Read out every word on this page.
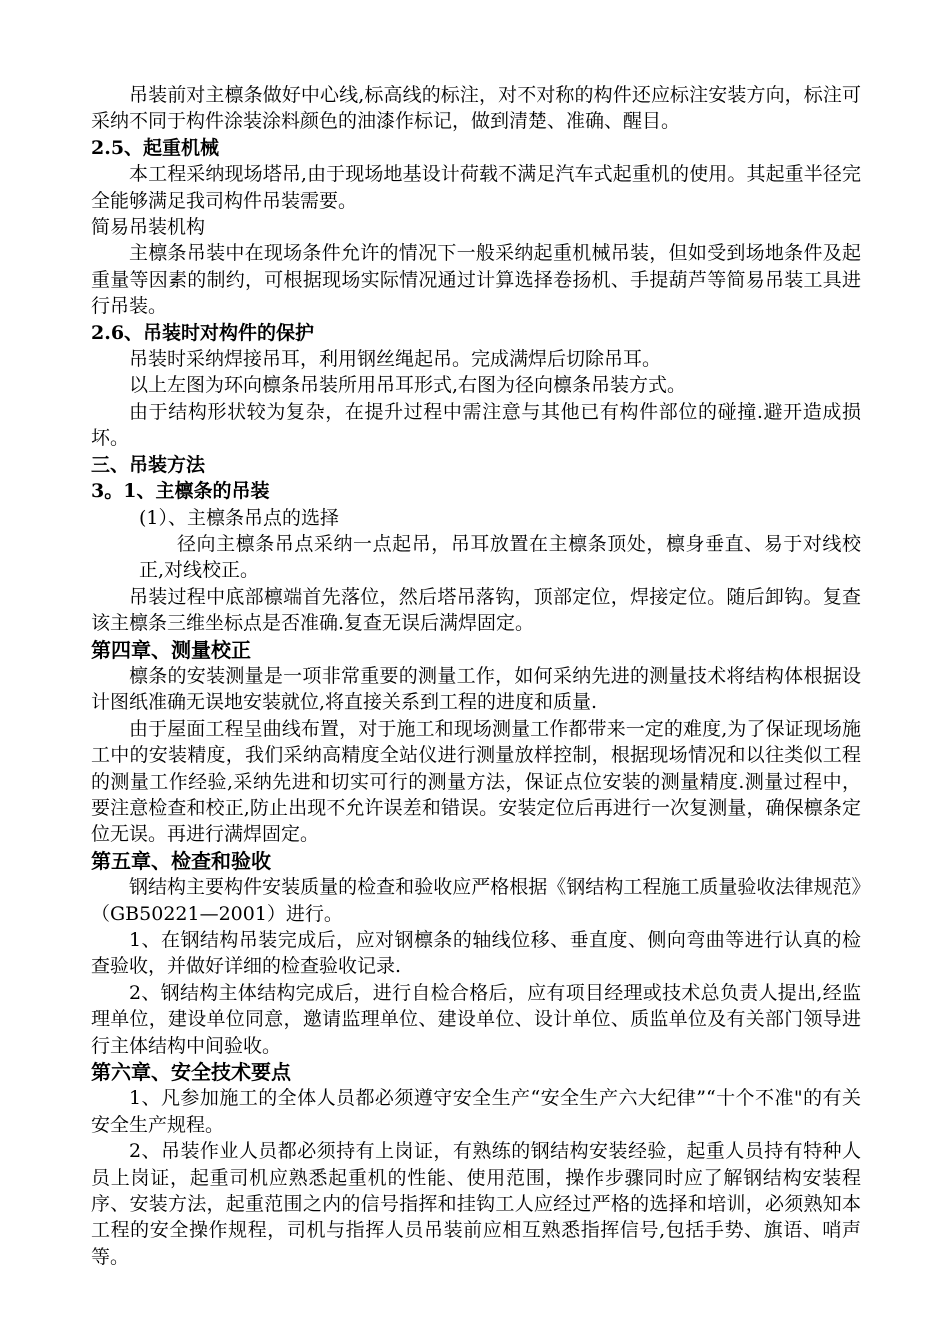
吊装前对主檩条做好中心线,标高线的标注，对不对称的构件还应标注安装方向，标注可采纳不同于构件涂装涂料颜色的油漆作标记，做到清楚、准确、醒目。

2.5、起重机械

本工程采纳现场塔吊,由于现场地基设计荷载不满足汽车式起重机的使用。其起重半径完全能够满足我司构件吊装需要。

简易吊装机构

主檩条吊装中在现场条件允许的情况下一般采纳起重机械吊装，但如受到场地条件及起重量等因素的制约，可根据现场实际情况通过计算选择卷扬机、手提葫芦等简易吊装工具进行吊装。

2.6、吊装时对构件的保护

吊装时采纳焊接吊耳，利用钢丝绳起吊。完成满焊后切除吊耳。

以上左图为环向檩条吊装所用吊耳形式,右图为径向檩条吊装方式。

由于结构形状较为复杂，在提升过程中需注意与其他已有构件部位的碰撞.避开造成损坏。

三、吊装方法

3。1、主檩条的吊装

(1）、主檩条吊点的选择

径向主檩条吊点采纳一点起吊，吊耳放置在主檩条顶处，檩身垂直、易于对线校正,对线校正。

吊装过程中底部檩端首先落位，然后塔吊落钩，顶部定位，焊接定位。随后卸钩。复查该主檩条三维坐标点是否准确.复查无误后满焊固定。

第四章、测量校正

檩条的安装测量是一项非常重要的测量工作，如何采纳先进的测量技术将结构体根据设计图纸准确无误地安装就位,将直接关系到工程的进度和质量.

由于屋面工程呈曲线布置，对于施工和现场测量工作都带来一定的难度,为了保证现场施工中的安装精度，我们采纳高精度全站仪进行测量放样控制，根据现场情况和以往类似工程的测量工作经验,采纳先进和切实可行的测量方法，保证点位安装的测量精度.测量过程中，要注意检查和校正,防止出现不允许误差和错误。安装定位后再进行一次复测量，确保檩条定位无误。再进行满焊固定。

第五章、检查和验收

钢结构主要构件安装质量的检查和验收应严格根据《钢结构工程施工质量验收法律规范》（GB50221—2001）进行。

1、在钢结构吊装完成后，应对钢檩条的轴线位移、垂直度、侧向弯曲等进行认真的检查验收，并做好详细的检查验收记录.

2、钢结构主体结构完成后，进行自检合格后，应有项目经理或技术总负责人提出,经监理单位，建设单位同意，邀请监理单位、建设单位、设计单位、质监单位及有关部门领导进行主体结构中间验收。

第六章、安全技术要点

1、凡参加施工的全体人员都必须遵守安全生产“安全生产六大纪律”“十个不准"的有关安全生产规程。

2、吊装作业人员都必须持有上岗证，有熟练的钢结构安装经验，起重人员持有特种人员上岗证，起重司机应熟悉起重机的性能、使用范围，操作步骤同时应了解钢结构安装程序、安装方法，起重范围之内的信号指挥和挂钩工人应经过严格的选择和培训，必须熟知本工程的安全操作规程，司机与指挥人员吊装前应相互熟悉指挥信号,包括手势、旗语、哨声等。
